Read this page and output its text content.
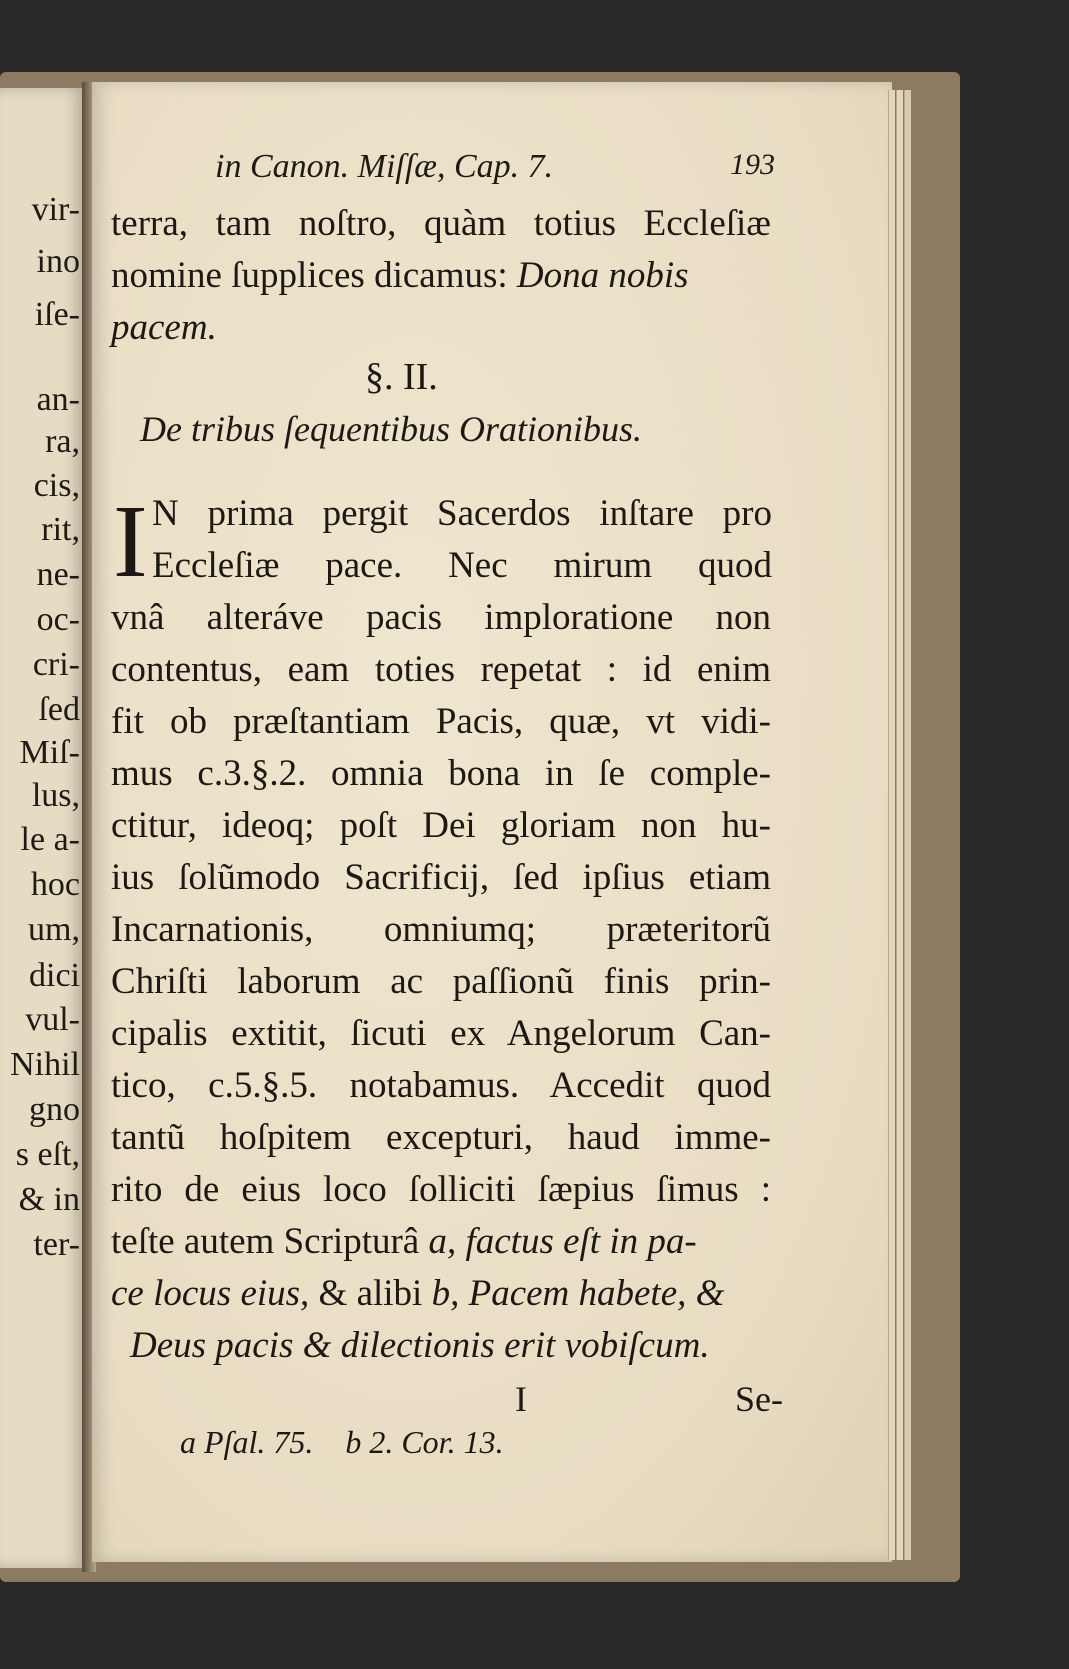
vir-
ino
iſe-
an-
ra,
cis,
rit,
ne-
oc-
cri-
ſed
Miſ-
lus,
le a-
hoc
um,
dici
vul-
Nihil
gno
s eſt,
& in
ter-
in Canon. Miſſæ, Cap. 7.	193
terra, tam noſtro, quàm totius Eccleſiæ
nomine ſupplices dicamus: Dona nobis
pacem.
§. II.
De tribus ſequentibus Orationibus.
I N prima pergit Sacerdos inſtare pro
Eccleſiæ pace. Nec mirum quod
vnâ alteráve pacis imploratione non
contentus, eam toties repetat : id enim
fit ob præſtantiam Pacis, quæ, vt vidi-
mus c.3.§.2. omnia bona in ſe comple-
ctitur, ideoq; poſt Dei gloriam non hu-
ius ſolũmodo Sacrificij, ſed ipſius etiam
Incarnationis, omniumq; præteritorũ
Chriſti laborum ac paſſionũ finis prin-
cipalis extitit, ſicuti ex Angelorum Can-
tico, c.5.§.5. notabamus. Accedit quod
tantũ hoſpitem excepturi, haud imme-
rito de eius loco ſolliciti ſæpius ſimus :
teſte autem Scripturâ a, factus eſt in pa-
ce locus eius, & alibi b, Pacem habete, &
Deus pacis & dilectionis erit vobiſcum.
I	Se-
a Pſal. 75. b 2. Cor. 13.
